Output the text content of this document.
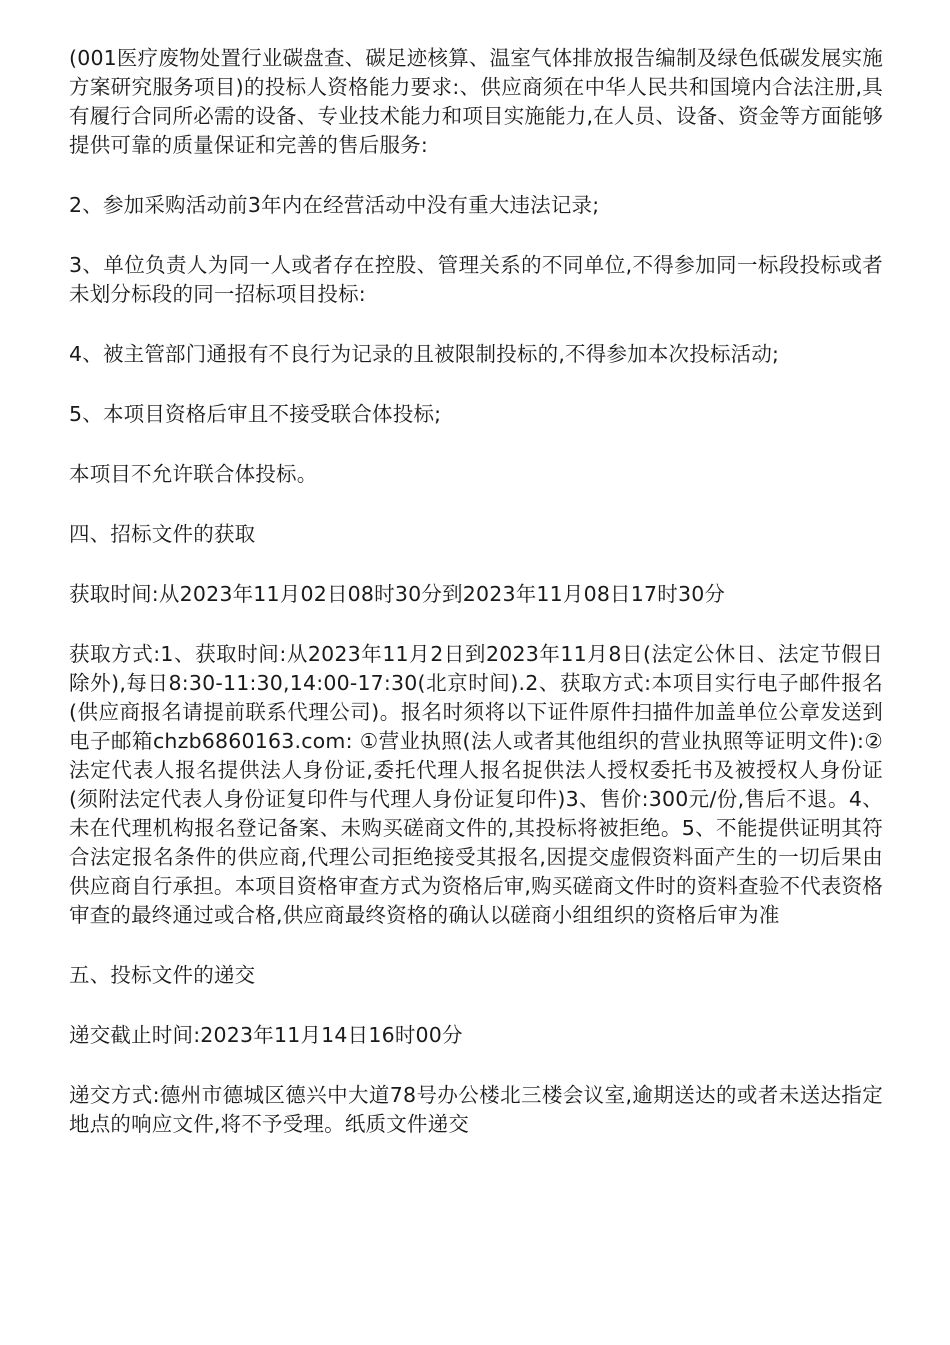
(001医疗废物处置行业碳盘查、碳足迹核算、温室气体排放报告编制及绿色低碳发展实施方案研究服务项目)的投标人资格能力要求:、供应商须在中华人民共和国境内合法注册,具有履行合同所必需的设备、专业技术能力和项目实施能力,在人员、设备、资金等方面能够提供可靠的质量保证和完善的售后服务:

2、参加采购活动前3年内在经营活动中没有重大违法记录;

3、单位负责人为同一人或者存在控股、管理关系的不同单位,不得参加同一标段投标或者未划分标段的同一招标项目投标:

4、被主管部门通报有不良行为记录的且被限制投标的,不得参加本次投标活动;

5、本项目资格后审且不接受联合体投标;

本项目不允许联合体投标。

四、招标文件的获取

获取时间:从2023年11月02日08时30分到2023年11月08日17时30分

获取方式:1、获取时间:从2023年11月2日到2023年11月8日(法定公休日、法定节假日除外),每日8:30-11:30,14:00-17:30(北京时间).2、获取方式:本项目实行电子邮件报名(供应商报名请提前联系代理公司)。报名时须将以下证件原件扫描件加盖单位公章发送到电子邮箱chzb6860163.com: ①营业执照(法人或者其他组织的营业执照等证明文件):②法定代表人报名提供法人身份证,委托代理人报名捉供法人授权委托书及被授权人身份证(须附法定代表人身份证复印件与代理人身份证复印件)3、售价:300元/份,售后不退。4、未在代理机构报名登记备案、未购买磋商文件的,其投标将被拒绝。5、不能提供证明其符合法定报名条件的供应商,代理公司拒绝接受其报名,因提交虚假资料面产生的一切后果由供应商自行承担。本项目资格审查方式为资格后审,购买磋商文件时的资料查验不代表资格审查的最终通过或合格,供应商最终资格的确认以磋商小组组织的资格后审为准

五、投标文件的递交

递交截止时间:2023年11月14日16时00分

递交方式:德州市德城区德兴中大道78号办公楼北三楼会议室,逾期送达的或者未送达指定地点的响应文件,将不予受理。纸质文件递交
